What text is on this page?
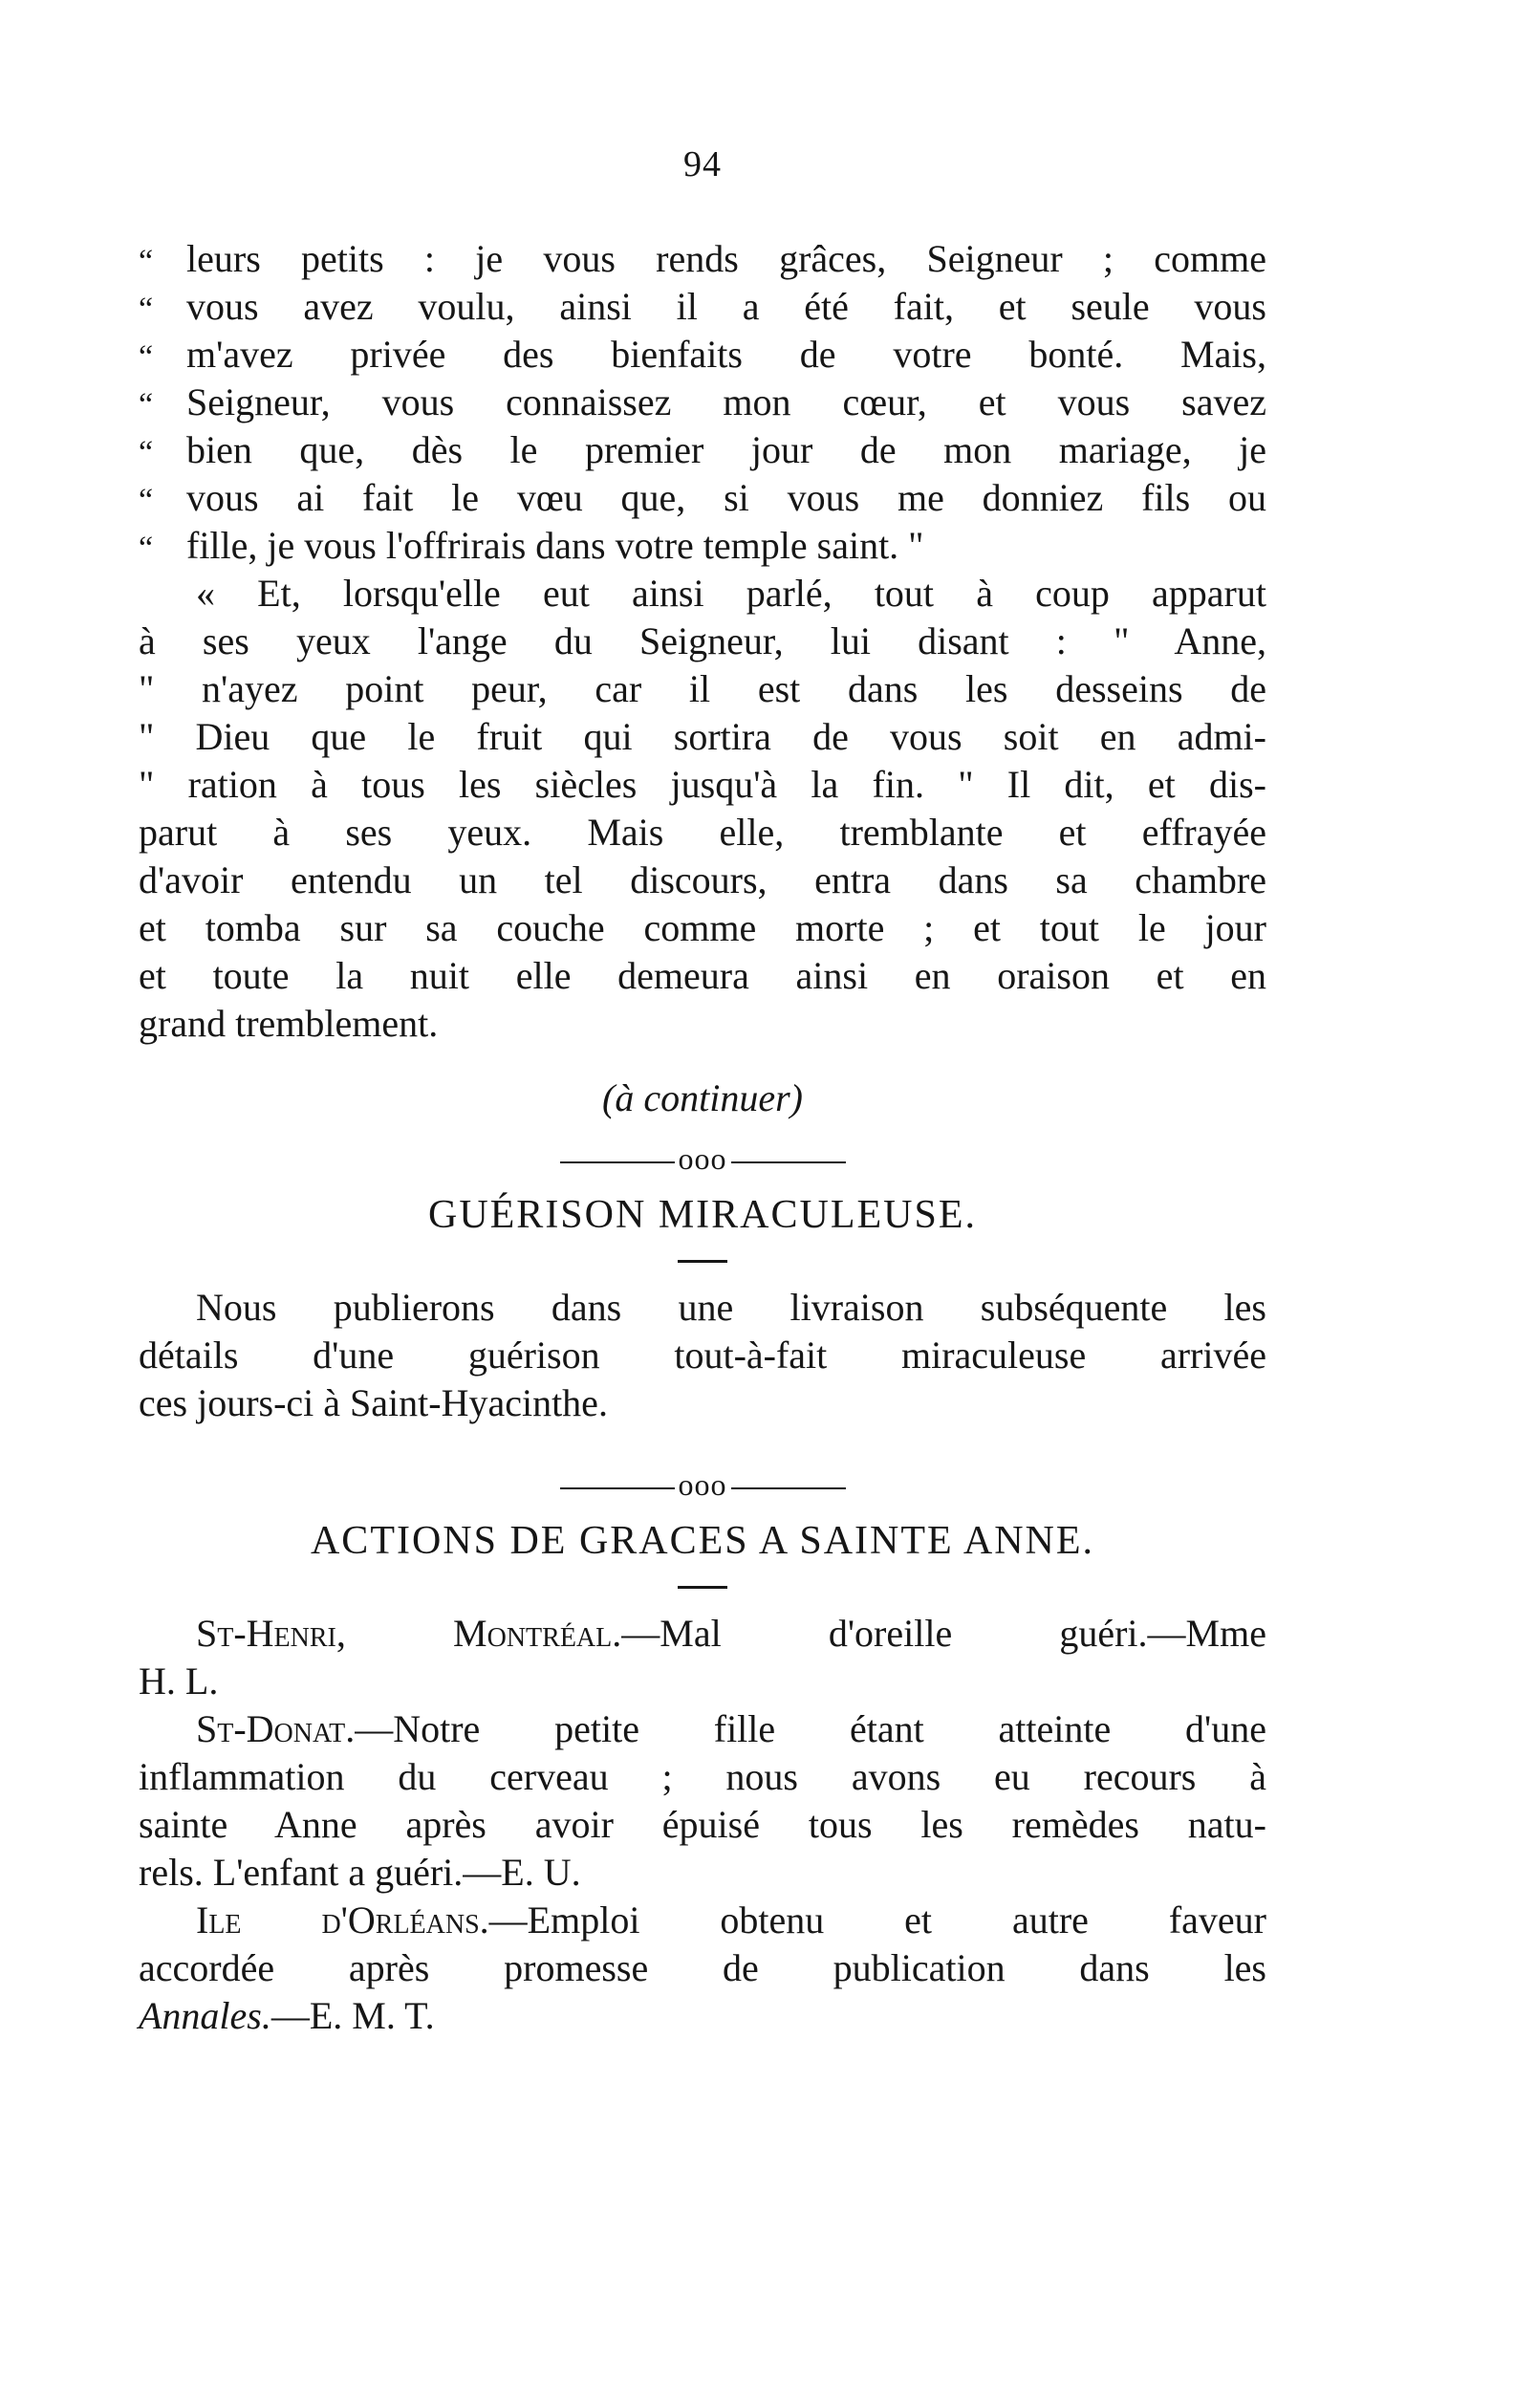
94
“ leurs petits : je vous rends grâces, Seigneur ; comme
“ vous avez voulu, ainsi il a été fait, et seule vous
“ m'avez privée des bienfaits de votre bonté. Mais,
“ Seigneur, vous connaissez mon cœur, et vous savez
“ bien que, dès le premier jour de mon mariage, je
“ vous ai fait le vœu que, si vous me donniez fils ou
“ fille, je vous l'offrirais dans votre temple saint. "
« Et, lorsqu'elle eut ainsi parlé, tout à coup apparut
à ses yeux l'ange du Seigneur, lui disant : " Anne,
" n'ayez point peur, car il est dans les desseins de
" Dieu que le fruit qui sortira de vous soit en admi-
" ration à tous les siècles jusqu'à la fin. " Il dit, et dis-
parut à ses yeux. Mais elle, tremblante et effrayée
d'avoir entendu un tel discours, entra dans sa chambre
et tomba sur sa couche comme morte ; et tout le jour
et toute la nuit elle demeura ainsi en oraison et en
grand tremblement.
(à continuer)
ooo
GUÉRISON MIRACULEUSE.
Nous publierons dans une livraison subséquente les
détails d'une guérison tout-à-fait miraculeuse arrivée
ces jours-ci à Saint-Hyacinthe.
ooo
ACTIONS DE GRACES A SAINTE ANNE.
St-Henri, Montréal.—Mal d'oreille guéri.—Mme
H. L.
St-Donat.—Notre petite fille étant atteinte d'une
inflammation du cerveau ; nous avons eu recours à
sainte Anne après avoir épuisé tous les remèdes natu-
rels. L'enfant a guéri.—E. U.
Ile d'Orléans.—Emploi obtenu et autre faveur
accordée après promesse de publication dans les
Annales.—E. M. T.
